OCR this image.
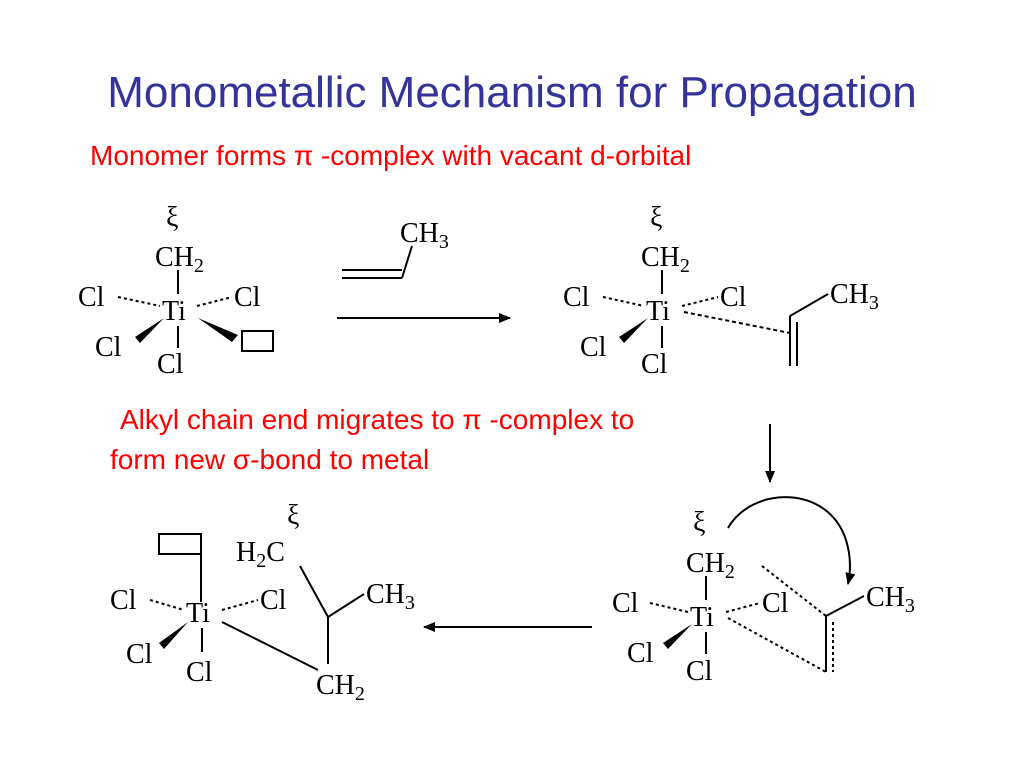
Monometallic Mechanism for Propagation
Monomer forms π -complex with vacant d-orbital
Alkyl chain end migrates to π -complex to
form new σ-bond to metal
ξ
$CH_2$
Ti
Cl	Cl
Cl
Cl
$CH_3$
ξ
$CH_2$
Ti
Cl	Cl
Cl
Cl
$CH_3$
ξ
$CH_2$
Ti
Cl	Cl
Cl
Cl
$CH_3$
ξ
$H_2C$
Ti
Cl	Cl
Cl
Cl
$CH_3$
$CH_2$
